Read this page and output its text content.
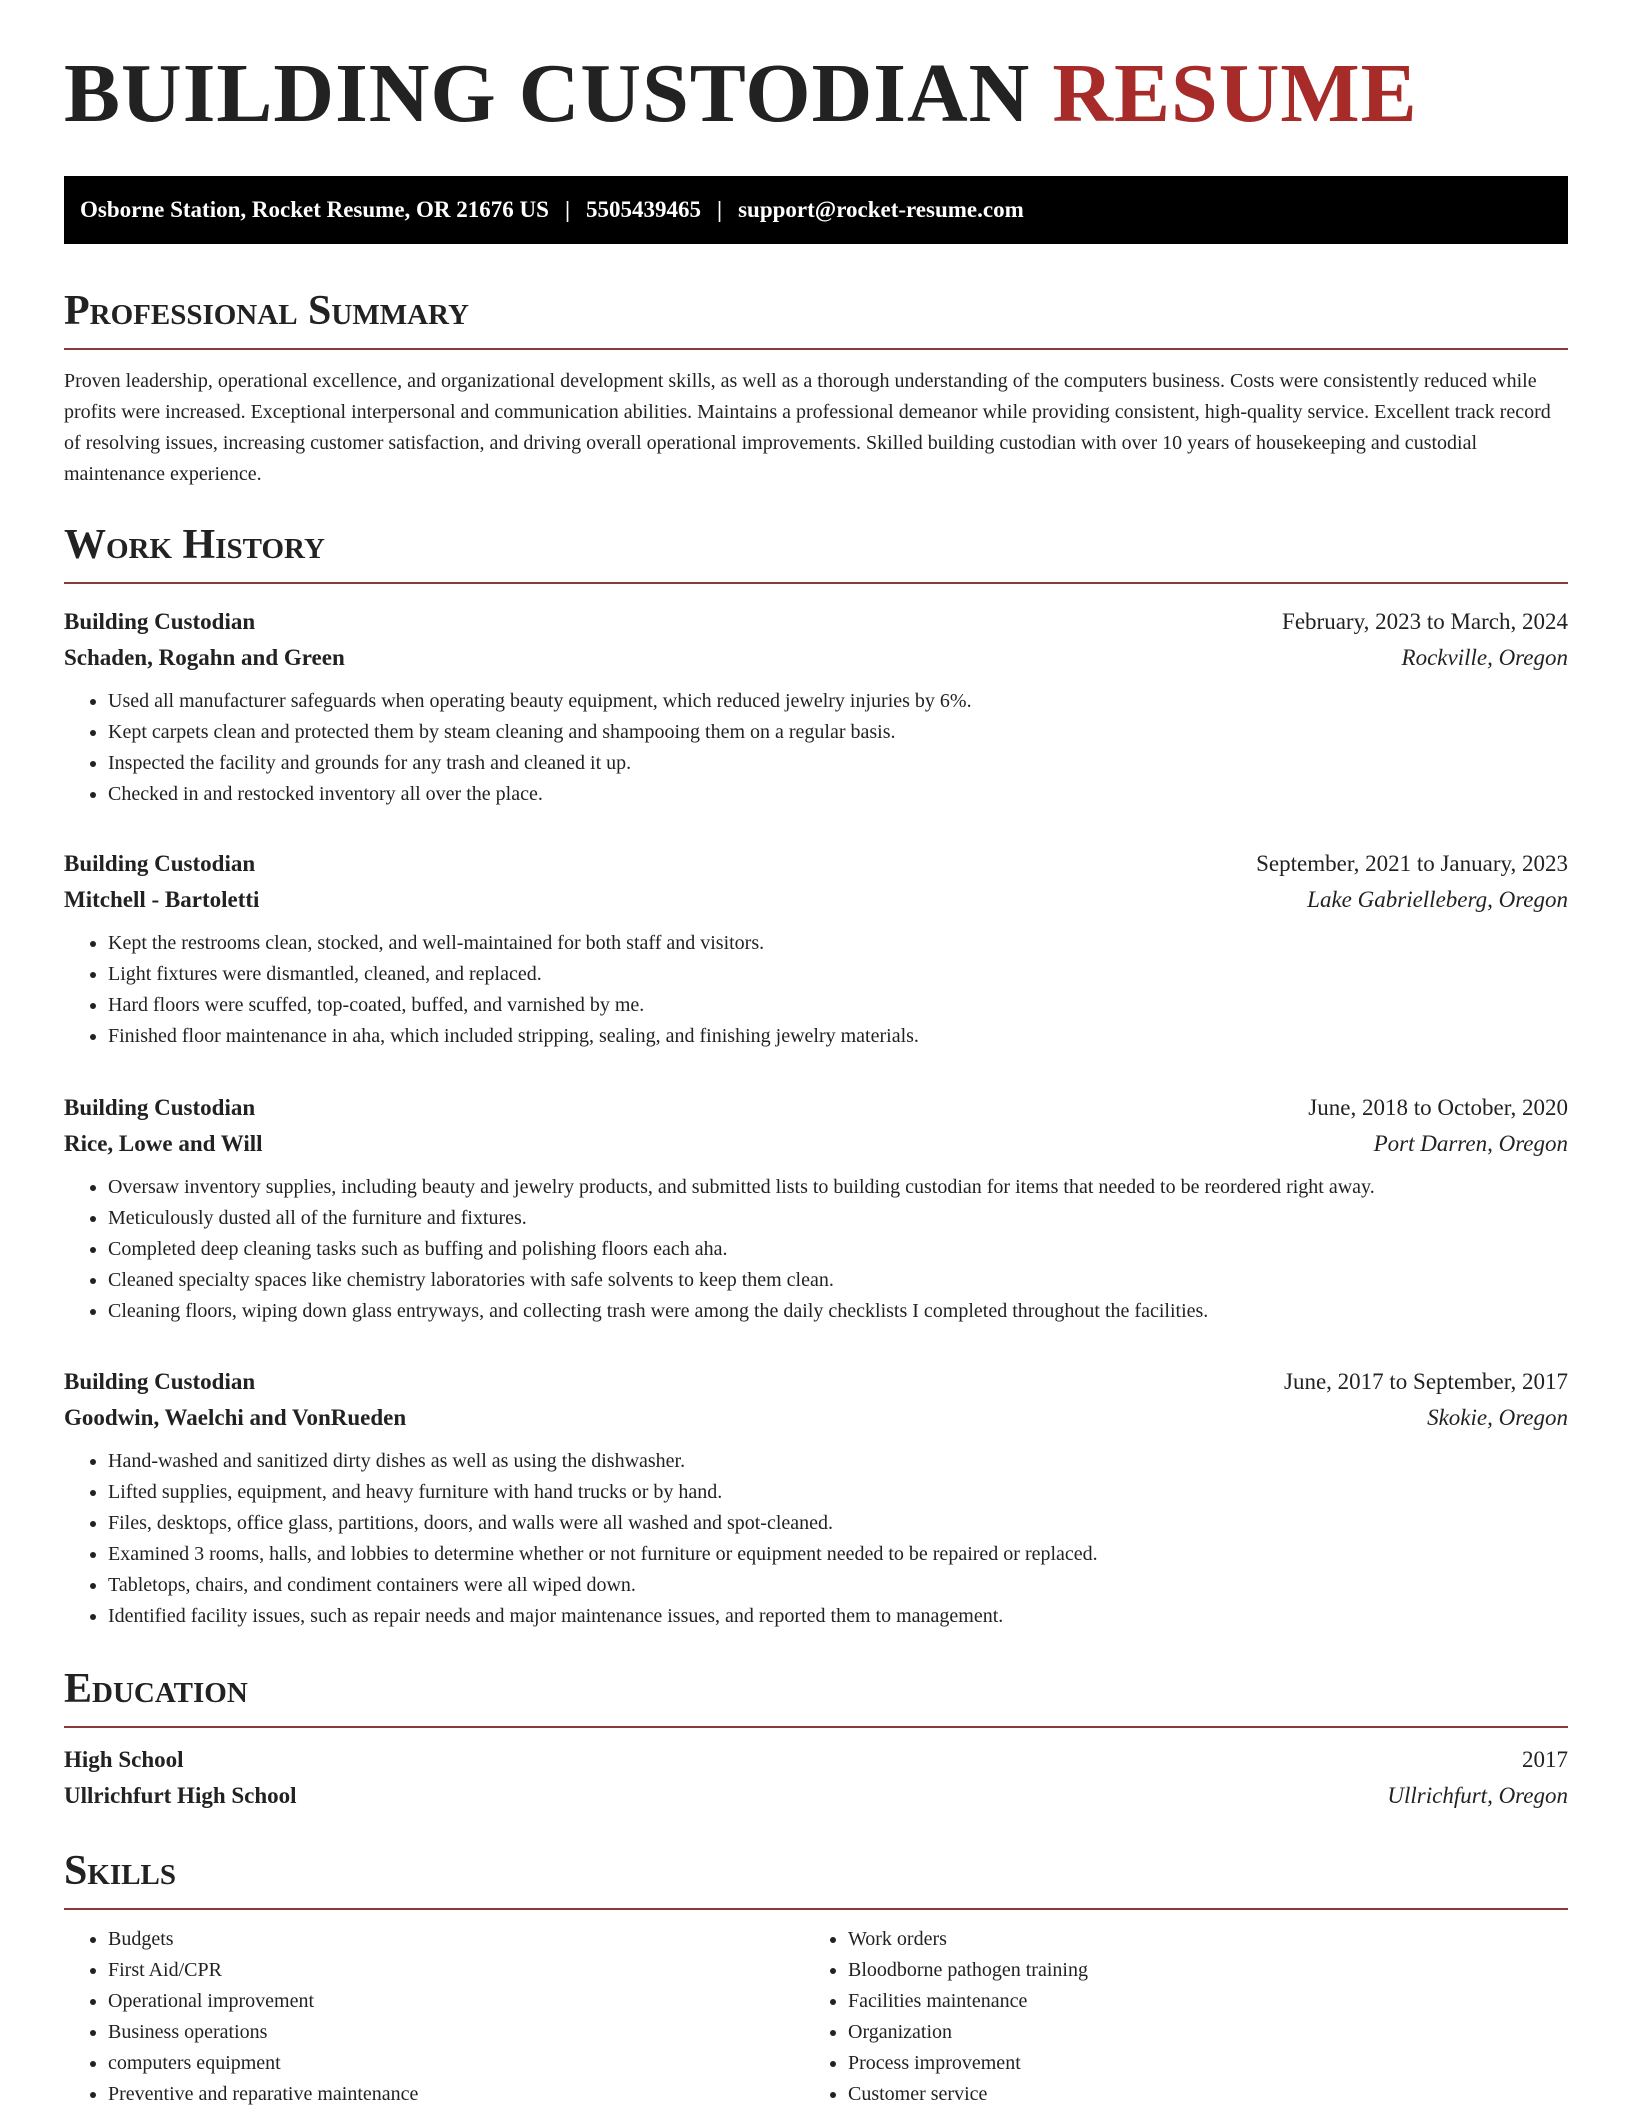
BUILDING CUSTODIAN RESUME
Osborne Station, Rocket Resume, OR 21676 US | 5505439465 | support@rocket-resume.com
Professional Summary

Proven leadership, operational excellence, and organizational development skills, as well as a thorough understanding of the computers business. Costs were consistently reduced while profits were increased. Exceptional interpersonal and communication abilities. Maintains a professional demeanor while providing consistent, high-quality service. Excellent track record of resolving issues, increasing customer satisfaction, and driving overall operational improvements. Skilled building custodian with over 10 years of housekeeping and custodial maintenance experience.

Work History
Building Custodian	February, 2023 to March, 2024
Schaden, Rogahn and Green	Rockville, Oregon
• Used all manufacturer safeguards when operating beauty equipment, which reduced jewelry injuries by 6%.
• Kept carpets clean and protected them by steam cleaning and shampooing them on a regular basis.
• Inspected the facility and grounds for any trash and cleaned it up.
• Checked in and restocked inventory all over the place.
Building Custodian	September, 2021 to January, 2023
Mitchell - Bartoletti	Lake Gabrielleberg, Oregon
• Kept the restrooms clean, stocked, and well-maintained for both staff and visitors.
• Light fixtures were dismantled, cleaned, and replaced.
• Hard floors were scuffed, top-coated, buffed, and varnished by me.
• Finished floor maintenance in aha, which included stripping, sealing, and finishing jewelry materials.
Building Custodian	June, 2018 to October, 2020
Rice, Lowe and Will	Port Darren, Oregon
• Oversaw inventory supplies, including beauty and jewelry products, and submitted lists to building custodian for items that needed to be reordered right away.
• Meticulously dusted all of the furniture and fixtures.
• Completed deep cleaning tasks such as buffing and polishing floors each aha.
• Cleaned specialty spaces like chemistry laboratories with safe solvents to keep them clean.
• Cleaning floors, wiping down glass entryways, and collecting trash were among the daily checklists I completed throughout the facilities.
Building Custodian	June, 2017 to September, 2017
Goodwin, Waelchi and VonRueden	Skokie, Oregon
• Hand-washed and sanitized dirty dishes as well as using the dishwasher.
• Lifted supplies, equipment, and heavy furniture with hand trucks or by hand.
• Files, desktops, office glass, partitions, doors, and walls were all washed and spot-cleaned.
• Examined 3 rooms, halls, and lobbies to determine whether or not furniture or equipment needed to be repaired or replaced.
• Tabletops, chairs, and condiment containers were all wiped down.
• Identified facility issues, such as repair needs and major maintenance issues, and reported them to management.
Education
High School	2017
Ullrichfurt High School	Ullrichfurt, Oregon
Skills
• Budgets
• First Aid/CPR
• Operational improvement
• Business operations
• computers equipment
• Preventive and reparative maintenance
• Work orders
• Bloodborne pathogen training
• Facilities maintenance
• Organization
• Process improvement
• Customer service
